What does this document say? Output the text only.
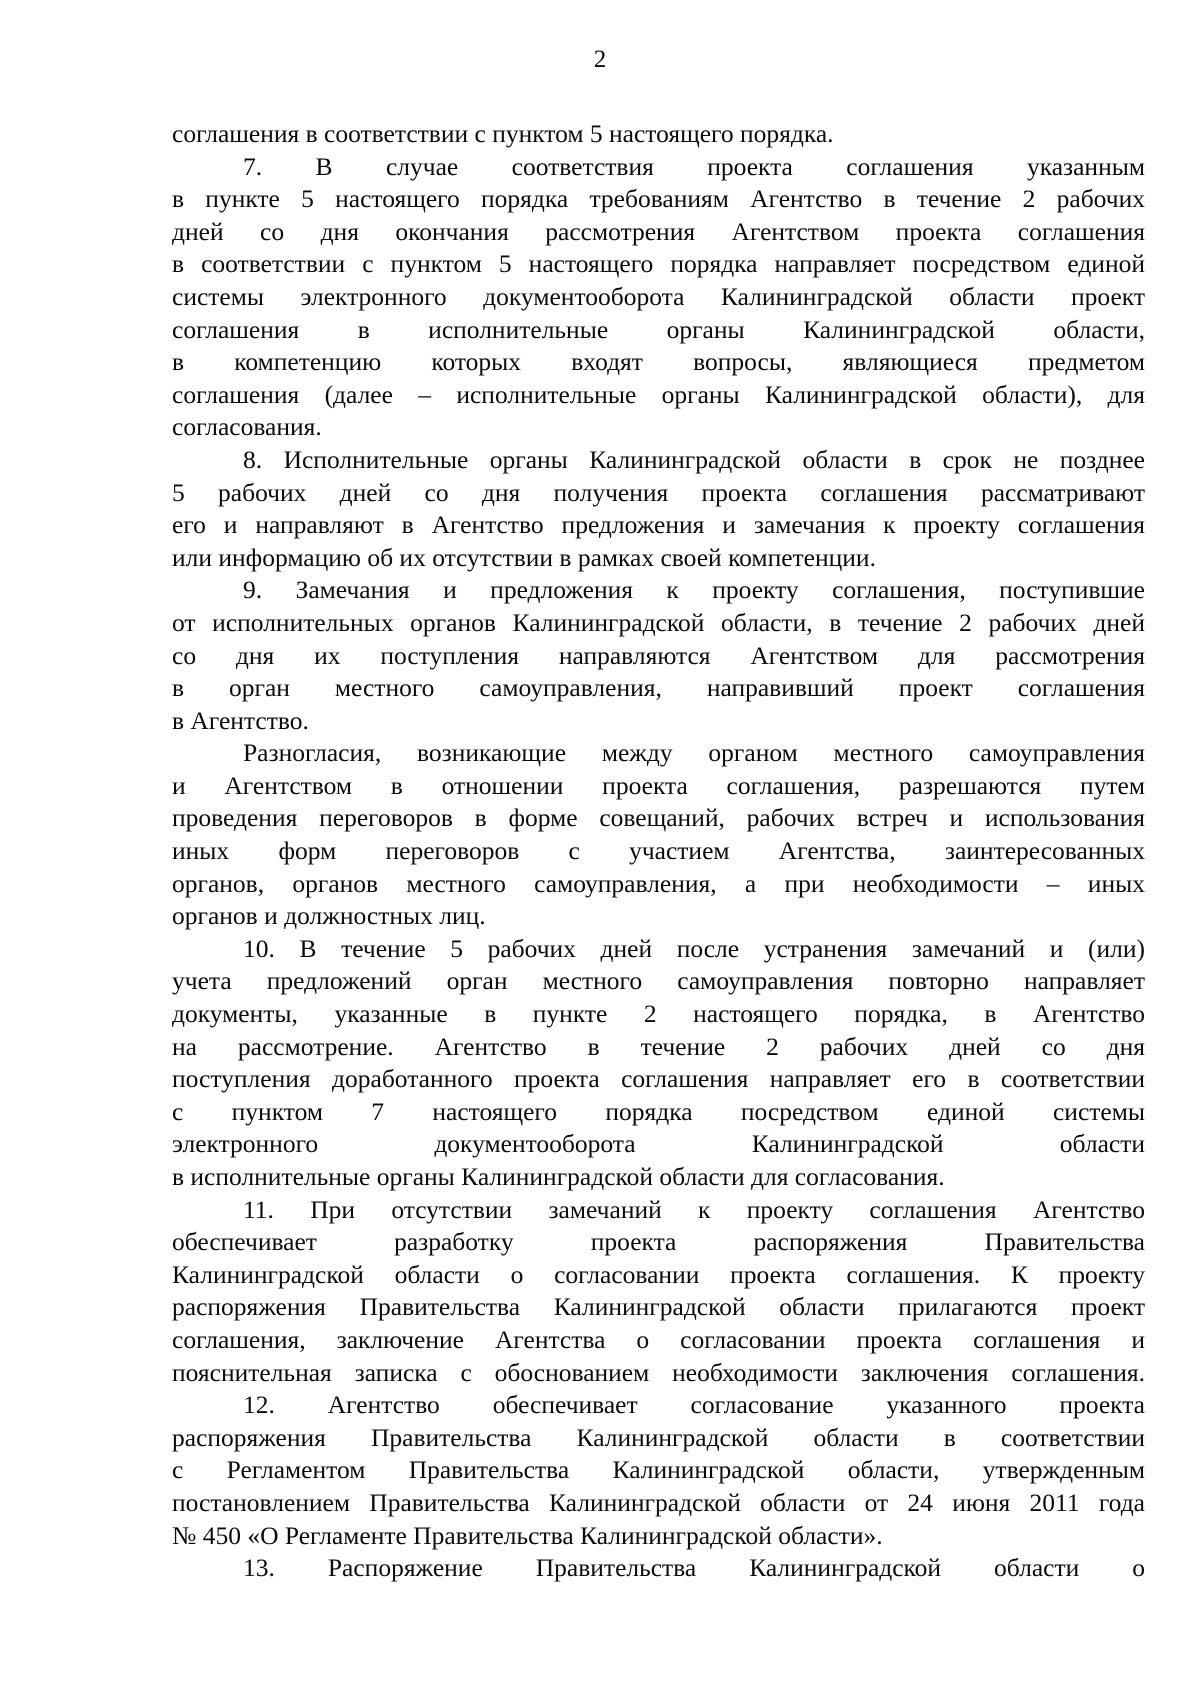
2
соглашения в соответствии с пунктом 5 настоящего порядка.
7. В случае соответствия проекта соглашения указанным
в пункте 5 настоящего порядка требованиям Агентство в течение 2 рабочих
дней со дня окончания рассмотрения Агентством проекта соглашения
в соответствии с пунктом 5 настоящего порядка направляет посредством единой
системы электронного документооборота Калининградской области проект
соглашения в исполнительные органы Калининградской области,
в компетенцию которых входят вопросы, являющиеся предметом
соглашения (далее – исполнительные органы Калининградской области), для
согласования.
8. Исполнительные органы Калининградской области в срок не позднее
5 рабочих дней со дня получения проекта соглашения рассматривают
его и направляют в Агентство предложения и замечания к проекту соглашения
или информацию об их отсутствии в рамках своей компетенции.
9. Замечания и предложения к проекту соглашения, поступившие
от исполнительных органов Калининградской области, в течение 2 рабочих дней
со дня их поступления направляются Агентством для рассмотрения
в орган местного самоуправления, направивший проект соглашения
в Агентство.
Разногласия, возникающие между органом местного самоуправления
и Агентством в отношении проекта соглашения, разрешаются путем
проведения переговоров в форме совещаний, рабочих встреч и использования
иных форм переговоров с участием Агентства, заинтересованных
органов, органов местного самоуправления, а при необходимости – иных
органов и должностных лиц.
10. В течение 5 рабочих дней после устранения замечаний и (или)
учета предложений орган местного самоуправления повторно направляет
документы, указанные в пункте 2 настоящего порядка, в Агентство
на рассмотрение. Агентство в течение 2 рабочих дней со дня
поступления доработанного проекта соглашения направляет его в соответствии
с пунктом 7 настоящего порядка посредством единой системы
электронного документооборота Калининградской области
в исполнительные органы Калининградской области для согласования.
11. При отсутствии замечаний к проекту соглашения Агентство
обеспечивает разработку проекта распоряжения Правительства
Калининградской области о согласовании проекта соглашения. К проекту
распоряжения Правительства Калининградской области прилагаются проект
соглашения, заключение Агентства о согласовании проекта соглашения и
пояснительная записка с обоснованием необходимости заключения соглашения.
12. Агентство обеспечивает согласование указанного проекта
распоряжения Правительства Калининградской области в соответствии
с Регламентом Правительства Калининградской области, утвержденным
постановлением Правительства Калининградской области от 24 июня 2011 года
№ 450 «О Регламенте Правительства Калининградской области».
13. Распоряжение Правительства Калининградской области о
